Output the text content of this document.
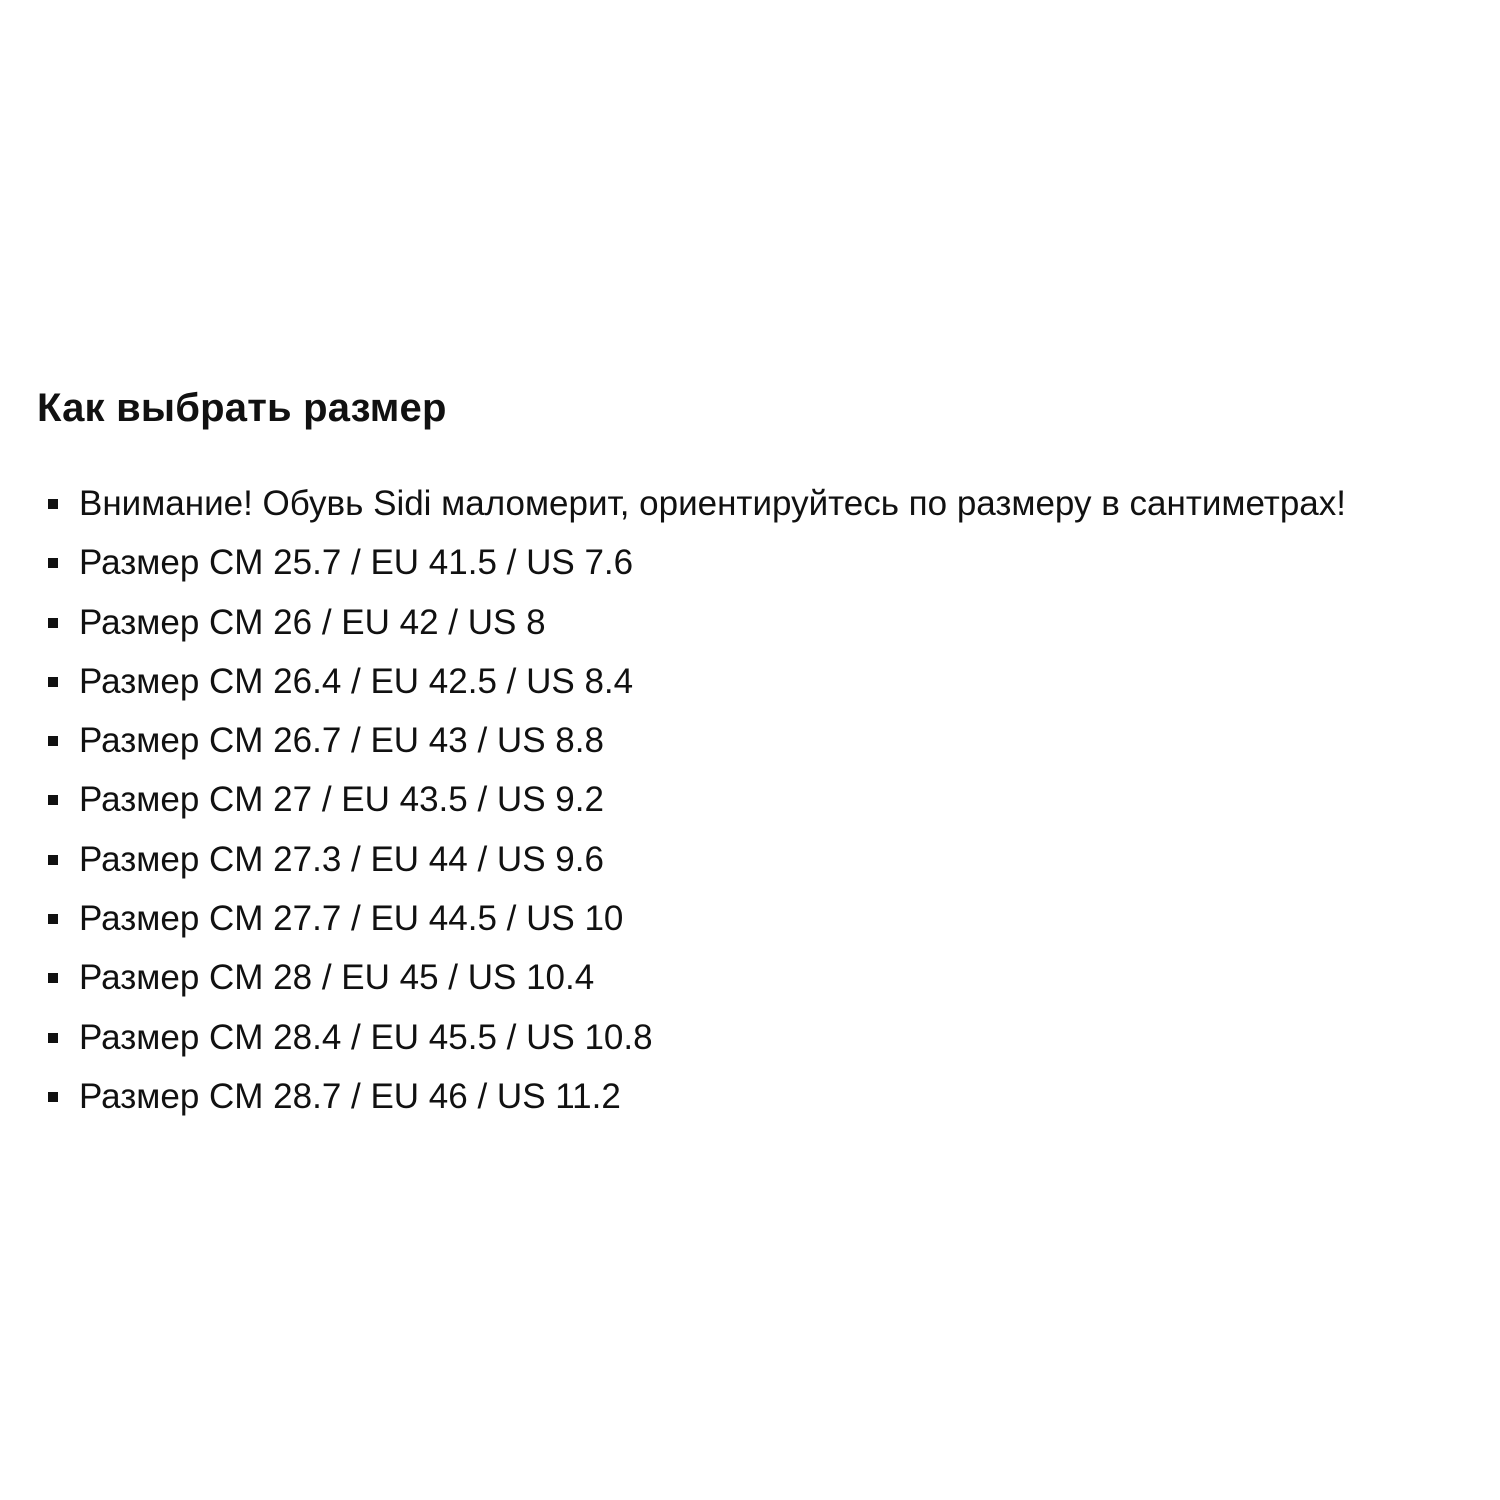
Как выбрать размер
Внимание! Обувь Sidi маломерит, ориентируйтесь по размеру в сантиметрах!
Размер CM 25.7 / EU 41.5 / US 7.6
Размер CM 26 / EU 42 / US 8
Размер CM 26.4 / EU 42.5 / US 8.4
Размер CM 26.7 / EU 43 / US 8.8
Размер CM 27 / EU 43.5 / US 9.2
Размер CM 27.3 / EU 44 / US 9.6
Размер CM 27.7 / EU 44.5 / US 10
Размер CM 28 / EU 45 / US 10.4
Размер CM 28.4 / EU 45.5 / US 10.8
Размер CM 28.7 / EU 46 / US 11.2
